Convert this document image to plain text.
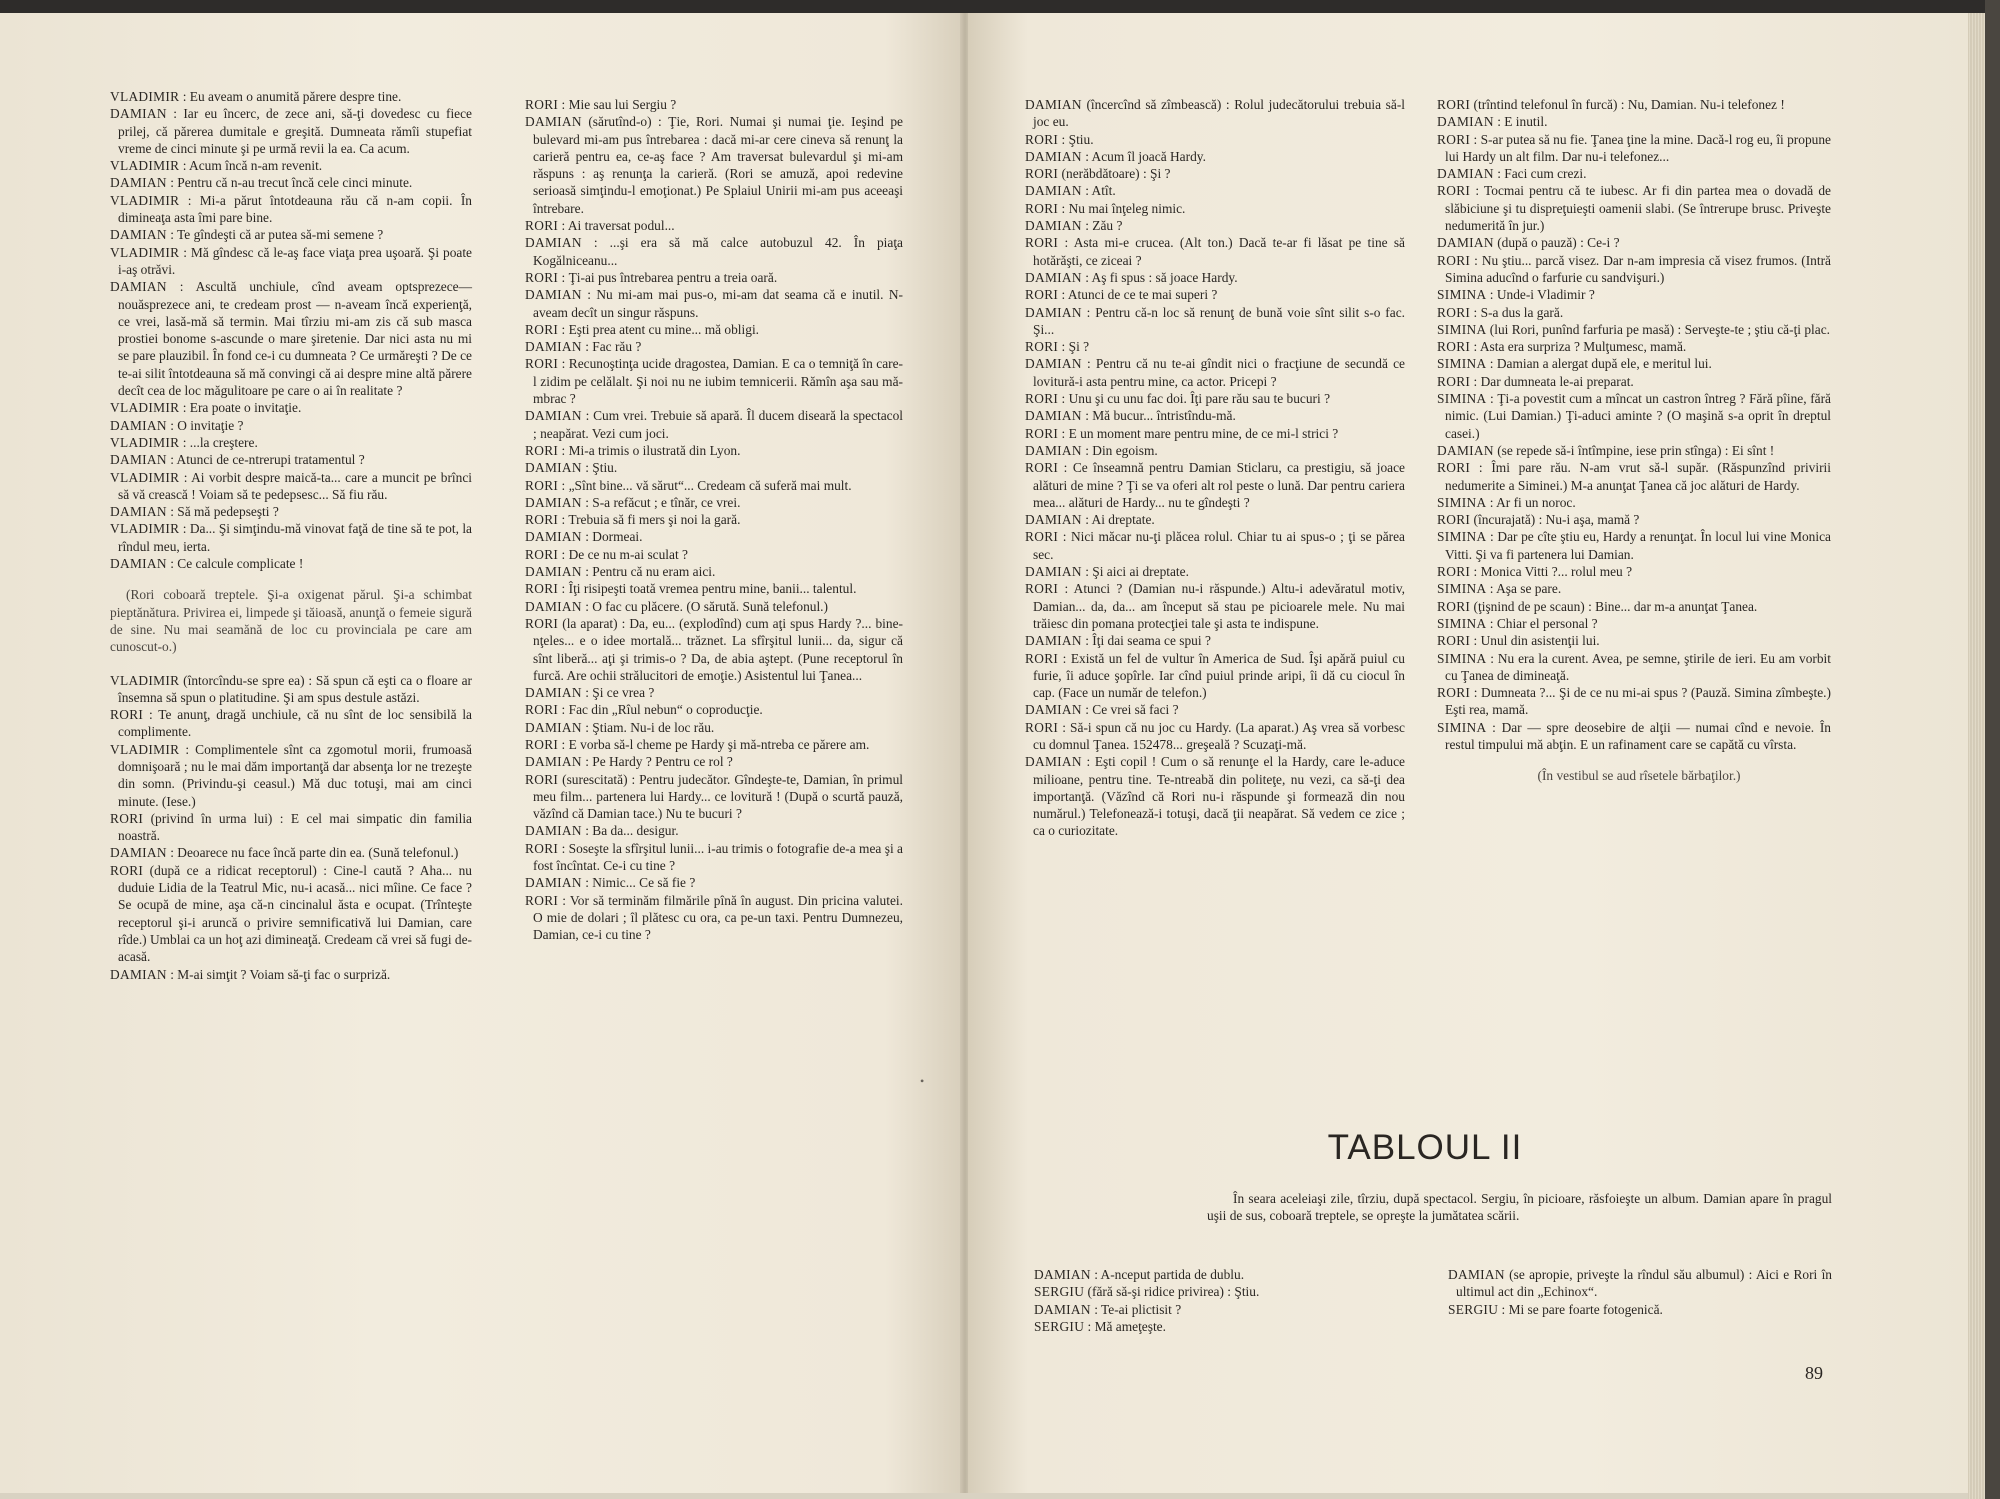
VLADIMIR : Eu aveam o anumită părere despre tine.

DAMIAN : Iar eu încerc, de zece ani, să-ţi dovedesc cu fiece prilej, că părerea dumitale e greşită. Dumneata rămîi stupefiat vreme de cinci minute şi pe urmă revii la ea. Ca acum.

VLADIMIR : Acum încă n-am revenit.

DAMIAN : Pentru că n-au trecut încă cele cinci minute.

VLADIMIR : Mi-a părut întotdeauna rău că n-am copii. În dimineaţa asta îmi pare bine.

DAMIAN : Te gîndeşti că ar putea să-mi semene ?

VLADIMIR : Mă gîndesc că le-aş face viaţa prea uşoară. Şi poate i-aş otrăvi.

DAMIAN : Ascultă unchiule, cînd aveam optsprezece—nouăsprezece ani, te credeam prost — n-aveam încă experienţă, ce vrei, lasă-mă să termin. Mai tîrziu mi-am zis că sub masca prostiei bonome s-ascunde o mare şiretenie. Dar nici asta nu mi se pare plauzibil. În fond ce-i cu dumneata ? Ce urmăreşti ? De ce te-ai silit întotdeauna să mă convingi că ai despre mine altă părere decît cea de loc măgulitoare pe care o ai în realitate ?

VLADIMIR : Era poate o invitaţie.

DAMIAN : O invitaţie ?

VLADIMIR : ...la creştere.

DAMIAN : Atunci de ce-ntrerupi tratamentul ?

VLADIMIR : Ai vorbit despre maică-ta... care a muncit pe brînci să vă crească ! Voiam să te pedepsesc... Să fiu rău.

DAMIAN : Să mă pedepseşti ?

VLADIMIR : Da... Şi simţindu-mă vinovat faţă de tine să te pot, la rîndul meu, ierta.

DAMIAN : Ce calcule complicate !

(Rori coboară treptele. Şi-a oxigenat părul. Şi-a schimbat pieptănătura. Privirea ei, limpede şi tăioasă, anunţă o femeie sigură de sine. Nu mai seamănă de loc cu provinciala pe care am cunoscut-o.)

VLADIMIR (întorcîndu-se spre ea) : Să spun că eşti ca o floare ar însemna să spun o platitudine. Şi am spus destule astăzi.

RORI : Te anunţ, dragă unchiule, că nu sînt de loc sensibilă la complimente.

VLADIMIR : Complimentele sînt ca zgomotul morii, frumoasă domnişoară ; nu le mai dăm importanţă dar absenţa lor ne trezeşte din somn. (Privindu-şi ceasul.) Mă duc totuşi, mai am cinci minute. (Iese.)

RORI (privind în urma lui) : E cel mai simpatic din familia noastră.

DAMIAN : Deoarece nu face încă parte din ea. (Sună telefonul.)

RORI (după ce a ridicat receptorul) : Cine-l caută ? Aha... nu duduie Lidia de la Teatrul Mic, nu-i acasă... nici mîine. Ce face ? Se ocupă de mine, aşa că-n cincinalul ăsta e ocupat. (Trînteşte receptorul şi-i aruncă o privire semnificativă lui Damian, care rîde.) Umblai ca un hoţ azi dimineaţă. Credeam că vrei să fugi de-acasă.

DAMIAN : M-ai simţit ? Voiam să-ţi fac o surpriză.

RORI : Mie sau lui Sergiu ?

DAMIAN (sărutînd-o) : Ţie, Rori. Numai şi numai ţie. Ieşind pe bulevard mi-am pus întrebarea : dacă mi-ar cere cineva să renunţ la carieră pentru ea, ce-aş face ? Am traversat bulevardul şi mi-am răspuns : aş renunţa la carieră. (Rori se amuză, apoi redevine serioasă simţindu-l emoţionat.) Pe Splaiul Unirii mi-am pus aceeaşi întrebare.

RORI : Ai traversat podul...

DAMIAN : ...şi era să mă calce autobuzul 42. În piaţa Kogălniceanu...

RORI : Ţi-ai pus întrebarea pentru a treia oară.

DAMIAN : Nu mi-am mai pus-o, mi-am dat seama că e inutil. N-aveam decît un singur răspuns.

RORI : Eşti prea atent cu mine... mă obligi.

DAMIAN : Fac rău ?

RORI : Recunoştinţa ucide dragostea, Damian. E ca o temniţă în care-l zidim pe celălalt. Şi noi nu ne iubim temnicerii. Rămîn aşa sau mă-mbrac ?

DAMIAN : Cum vrei. Trebuie să apară. Îl ducem diseară la spectacol ; neapărat. Vezi cum joci.

RORI : Mi-a trimis o ilustrată din Lyon.

DAMIAN : Ştiu.

RORI : „Sînt bine... vă sărut“... Credeam că suferă mai mult.

DAMIAN : S-a refăcut ; e tînăr, ce vrei.

RORI : Trebuia să fi mers şi noi la gară.

DAMIAN : Dormeai.

RORI : De ce nu m-ai sculat ?

DAMIAN : Pentru că nu eram aici.

RORI : Îţi risipeşti toată vremea pentru mine, banii... talentul.

DAMIAN : O fac cu plăcere. (O sărută. Sună telefonul.)

RORI (la aparat) : Da, eu... (explodînd) cum aţi spus Hardy ?... bine-nţeles... e o idee mortală... trăznet. La sfîrşitul lunii... da, sigur că sînt liberă... aţi şi trimis-o ? Da, de abia aştept. (Pune receptorul în furcă. Are ochii strălucitori de emoţie.) Asistentul lui Ţanea...

DAMIAN : Şi ce vrea ?

RORI : Fac din „Rîul nebun“ o coproducţie.

DAMIAN : Ştiam. Nu-i de loc rău.

RORI : E vorba să-l cheme pe Hardy şi mă-ntreba ce părere am.

DAMIAN : Pe Hardy ? Pentru ce rol ?

RORI (surescitată) : Pentru judecător. Gîndeşte-te, Damian, în primul meu film... partenera lui Hardy... ce lovitură ! (După o scurtă pauză, văzînd că Damian tace.) Nu te bucuri ?

DAMIAN : Ba da... desigur.

RORI : Soseşte la sfîrşitul lunii... i-au trimis o fotografie de-a mea şi a fost încîntat. Ce-i cu tine ?

DAMIAN : Nimic... Ce să fie ?

RORI : Vor să terminăm filmările pînă în august. Din pricina valutei. O mie de dolari ; îl plătesc cu ora, ca pe-un taxi. Pentru Dumnezeu, Damian, ce-i cu tine ?

DAMIAN (încercînd să zîmbească) : Rolul judecătorului trebuia să-l joc eu.

RORI : Ştiu.

DAMIAN : Acum îl joacă Hardy.

RORI (nerăbdătoare) : Şi ?

DAMIAN : Atît.

RORI : Nu mai înţeleg nimic.

DAMIAN : Zău ?

RORI : Asta mi-e crucea. (Alt ton.) Dacă te-ar fi lăsat pe tine să hotărăşti, ce ziceai ?

DAMIAN : Aş fi spus : să joace Hardy.

RORI : Atunci de ce te mai superi ?

DAMIAN : Pentru că-n loc să renunţ de bună voie sînt silit s-o fac. Şi...

RORI : Şi ?

DAMIAN : Pentru că nu te-ai gîndit nici o fracţiune de secundă ce lovitură-i asta pentru mine, ca actor. Pricepi ?

RORI : Unu şi cu unu fac doi. Îţi pare rău sau te bucuri ?

DAMIAN : Mă bucur... întristîndu-mă.

RORI : E un moment mare pentru mine, de ce mi-l strici ?

DAMIAN : Din egoism.

RORI : Ce înseamnă pentru Damian Sticlaru, ca prestigiu, să joace alături de mine ? Ţi se va oferi alt rol peste o lună. Dar pentru cariera mea... alături de Hardy... nu te gîndeşti ?

DAMIAN : Ai dreptate.

RORI : Nici măcar nu-ţi plăcea rolul. Chiar tu ai spus-o ; ţi se părea sec.

DAMIAN : Şi aici ai dreptate.

RORI : Atunci ? (Damian nu-i răspunde.) Altu-i adevăratul motiv, Damian... da, da... am început să stau pe picioarele mele. Nu mai trăiesc din pomana protecţiei tale şi asta te indispune.

DAMIAN : Îţi dai seama ce spui ?

RORI : Există un fel de vultur în America de Sud. Îşi apără puiul cu furie, îi aduce şopîrle. Iar cînd puiul prinde aripi, îi dă cu ciocul în cap. (Face un număr de telefon.)

DAMIAN : Ce vrei să faci ?

RORI : Să-i spun că nu joc cu Hardy. (La aparat.) Aş vrea să vorbesc cu domnul Ţanea. 152478... greşeală ? Scuzaţi-mă.

DAMIAN : Eşti copil ! Cum o să renunţe el la Hardy, care le-aduce milioane, pentru tine. Te-ntreabă din politeţe, nu vezi, ca să-ţi dea importanţă. (Văzînd că Rori nu-i răspunde şi formează din nou numărul.) Telefonează-i totuşi, dacă ţii neapărat. Să vedem ce zice ; ca o curiozitate.

RORI (trîntind telefonul în furcă) : Nu, Damian. Nu-i telefonez !

DAMIAN : E inutil.

RORI : S-ar putea să nu fie. Ţanea ţine la mine. Dacă-l rog eu, îi propune lui Hardy un alt film. Dar nu-i telefonez...

DAMIAN : Faci cum crezi.

RORI : Tocmai pentru că te iubesc. Ar fi din partea mea o dovadă de slăbiciune şi tu dispreţuieşti oamenii slabi. (Se întrerupe brusc. Priveşte nedumerită în jur.)

DAMIAN (după o pauză) : Ce-i ?

RORI : Nu ştiu... parcă visez. Dar n-am impresia că visez frumos. (Intră Simina aducînd o farfurie cu sandvişuri.)

SIMINA : Unde-i Vladimir ?

RORI : S-a dus la gară.

SIMINA (lui Rori, punînd farfuria pe masă) : Serveşte-te ; ştiu că-ţi plac.

RORI : Asta era surpriza ? Mulţumesc, mamă.

SIMINA : Damian a alergat după ele, e meritul lui.

RORI : Dar dumneata le-ai preparat.

SIMINA : Ţi-a povestit cum a mîncat un castron întreg ? Fără pîine, fără nimic. (Lui Damian.) Ţi-aduci aminte ? (O maşină s-a oprit în dreptul casei.)

DAMIAN (se repede să-i întîmpine, iese prin stînga) : Ei sînt !

RORI : Îmi pare rău. N-am vrut să-l supăr. (Răspunzînd privirii nedumerite a Siminei.) M-a anunţat Ţanea că joc alături de Hardy.

SIMINA : Ar fi un noroc.

RORI (încurajată) : Nu-i aşa, mamă ?

SIMINA : Dar pe cîte ştiu eu, Hardy a renunţat. În locul lui vine Monica Vitti. Şi va fi partenera lui Damian.

RORI : Monica Vitti ?... rolul meu ?

SIMINA : Aşa se pare.

RORI (ţişnind de pe scaun) : Bine... dar m-a anunţat Ţanea.

SIMINA : Chiar el personal ?

RORI : Unul din asistenţii lui.

SIMINA : Nu era la curent. Avea, pe semne, ştirile de ieri. Eu am vorbit cu Ţanea de dimineaţă.

RORI : Dumneata ?... Şi de ce nu mi-ai spus ? (Pauză. Simina zîmbeşte.) Eşti rea, mamă.

SIMINA : Dar — spre deosebire de alţii — numai cînd e nevoie. În restul timpului mă abţin. E un rafinament care se capătă cu vîrsta.

(În vestibul se aud rîsetele bărbaţilor.)

•
TABLOUL II
În seara aceleiaşi zile, tîrziu, după spectacol. Sergiu, în picioare, răsfoieşte un album. Damian apare în pragul uşii de sus, coboară treptele, se opreşte la jumătatea scării.

DAMIAN : A-nceput partida de dublu.

SERGIU (fără să-şi ridice privirea) : Ştiu.

DAMIAN : Te-ai plictisit ?

SERGIU : Mă ameţeşte.

DAMIAN (se apropie, priveşte la rîndul său albumul) : Aici e Rori în ultimul act din „Echinox“.

SERGIU : Mi se pare foarte fotogenică.

89
